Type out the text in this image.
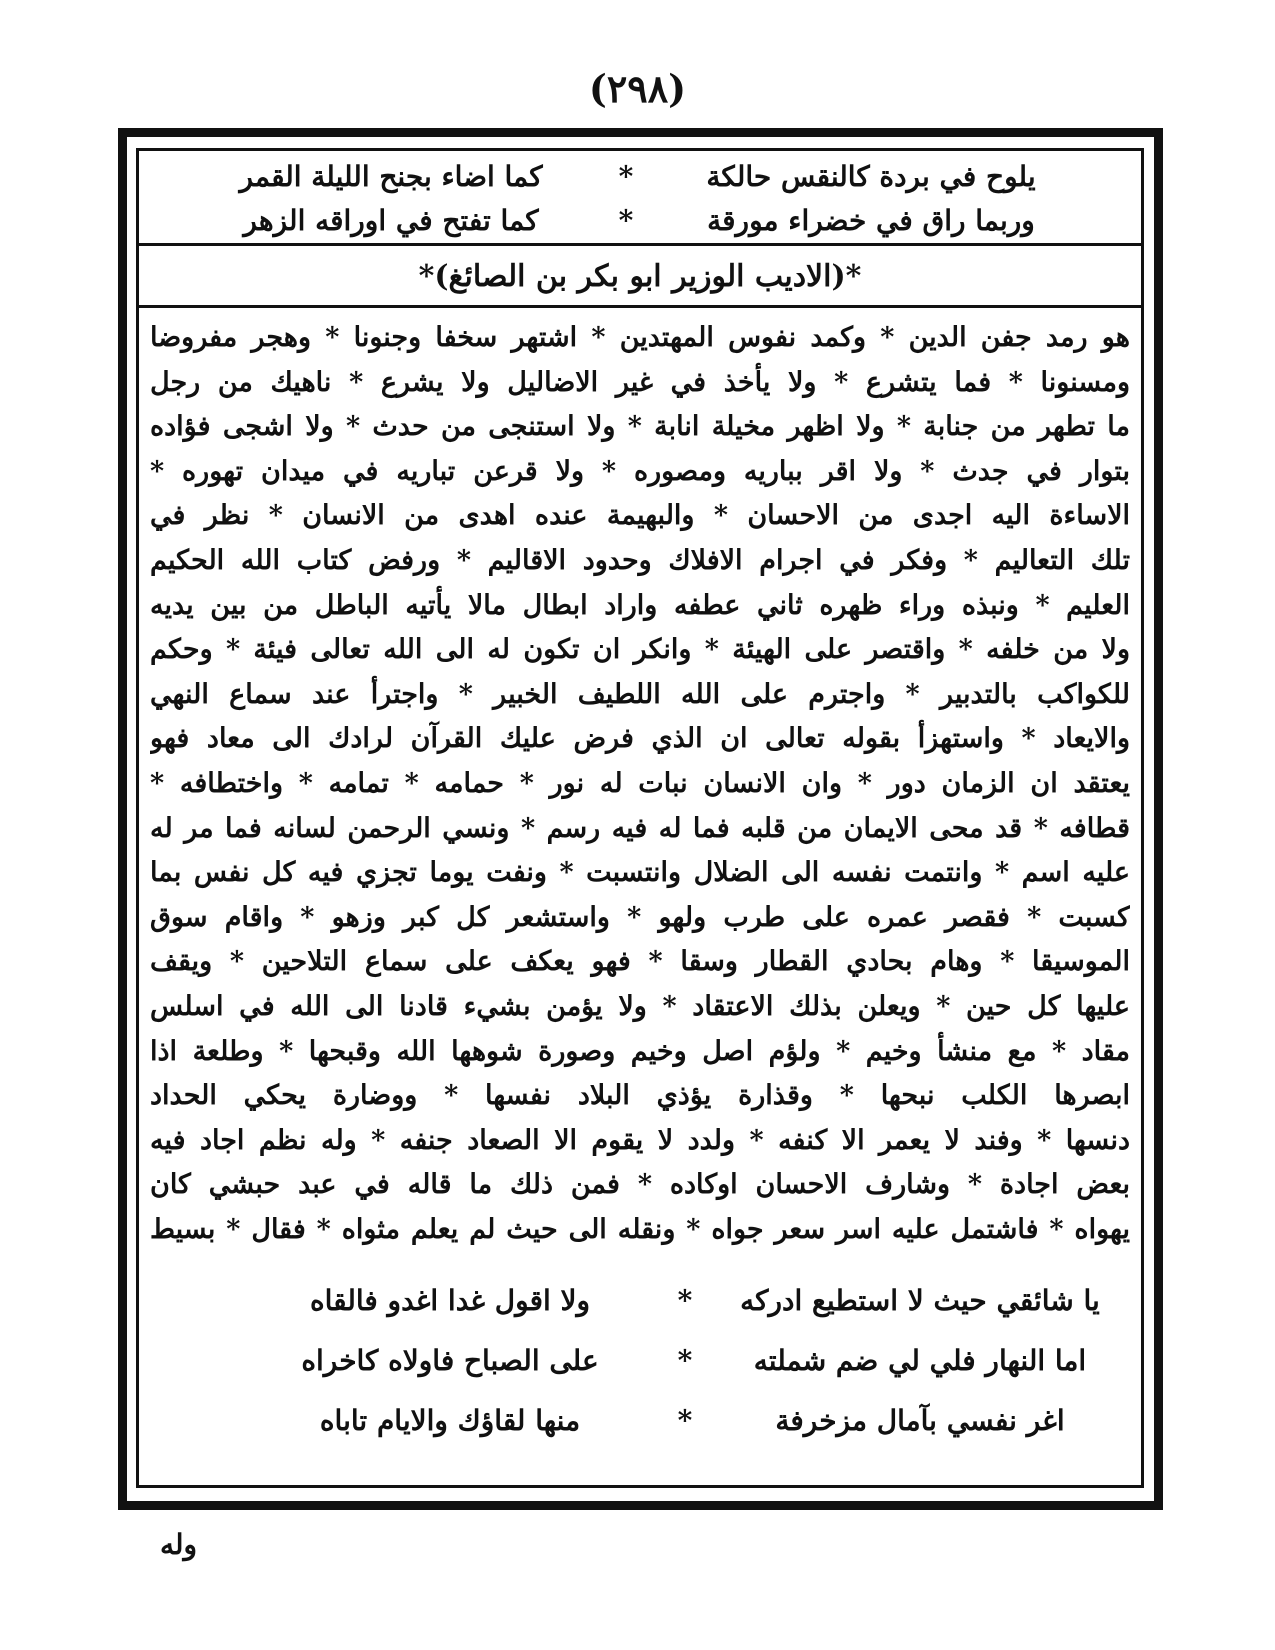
(٢٩٨)
يلوح في بردة كالنقس حالكة
*
كما اضاء بجنح الليلة القمر
وربما راق في خضراء مورقة
*
كما تفتح في اوراقه الزهر
*(الاديب الوزير ابو بكر بن الصائغ)*
هو رمد جفن الدين * وكمد نفوس المهتدين * اشتهر سخفا وجنونا * وهجر مفروضا
ومسنونا * فما يتشرع * ولا يأخذ في غير الاضاليل ولا يشرع * ناهيك من رجل
ما تطهر من جنابة * ولا اظهر مخيلة انابة * ولا استنجى من حدث * ولا اشجى فؤاده
بتوار في جدث * ولا اقر بباريه ومصوره * ولا قرعن تباريه في ميدان تهوره *
الاساءة اليه اجدى من الاحسان * والبهيمة عنده اهدى من الانسان * نظر في
تلك التعاليم * وفكر في اجرام الافلاك وحدود الاقاليم * ورفض كتاب الله الحكيم
العليم * ونبذه وراء ظهره ثاني عطفه واراد ابطال مالا يأتيه الباطل من بين يديه
ولا من خلفه * واقتصر على الهيئة * وانكر ان تكون له الى الله تعالى فيئة * وحكم
للكواكب بالتدبير * واجترم على الله اللطيف الخبير * واجترأ عند سماع النهي
والايعاد * واستهزأ بقوله تعالى ان الذي فرض عليك القرآن لرادك الى معاد فهو
يعتقد ان الزمان دور * وان الانسان نبات له نور * حمامه * تمامه * واختطافه *
قطافه * قد محى الايمان من قلبه فما له فيه رسم * ونسي الرحمن لسانه فما مر له
عليه اسم * وانتمت نفسه الى الضلال وانتسبت * ونفت يوما تجزي فيه كل نفس بما
كسبت * فقصر عمره على طرب ولهو * واستشعر كل كبر وزهو * واقام سوق
الموسيقا * وهام بحادي القطار وسقا * فهو يعكف على سماع التلاحين * ويقف
عليها كل حين * ويعلن بذلك الاعتقاد * ولا يؤمن بشيء قادنا الى الله في اسلس
مقاد * مع منشأ وخيم * ولؤم اصل وخيم وصورة شوهها الله وقبحها * وطلعة اذا
ابصرها الكلب نبحها * وقذارة يؤذي البلاد نفسها * ووضارة يحكي الحداد
دنسها * وفند لا يعمر الا كنفه * ولدد لا يقوم الا الصعاد جنفه * وله نظم اجاد فيه
بعض اجادة * وشارف الاحسان اوكاده * فمن ذلك ما قاله في عبد حبشي كان
يهواه * فاشتمل عليه اسر سعر جواه * ونقله الى حيث لم يعلم مثواه * فقال * بسيط
يا شائقي حيث لا استطيع ادركه
*
ولا اقول غدا اغدو فالقاه
اما النهار فلي لي ضم شملته
*
على الصباح فاولاه كاخراه
اغر نفسي بآمال مزخرفة
*
منها لقاؤك والايام تاباه
وله
